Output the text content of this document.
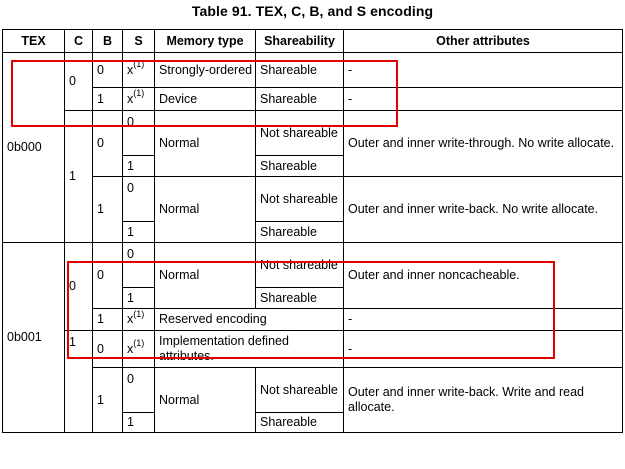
Table 91. TEX, C, B, and S encoding
TEX	C	B	S	Memory type	Shareability	Other attributes
0b000	0	0	$x^{(1)}$	Strongly-ordered	Shareable	-
		1	$x^{(1)}$	Device	Shareable	-
	1	0	0	Normal	Not shareable	Outer and inner write-through. No write allocate.
			1		Shareable	
		1	0	Normal	Not shareable	Outer and inner write-back. No write allocate.
			1		Shareable	
0b001	0	0	0	Normal	Not shareable	Outer and inner noncacheable.
			1		Shareable	
		1	$x^{(1)}$	Reserved encoding		-
	1	0	$x^{(1)}$	Implementation defined attributes.		-
		1	0	Normal	Not shareable	Outer and inner write-back. Write and read allocate.
			1		Shareable	
